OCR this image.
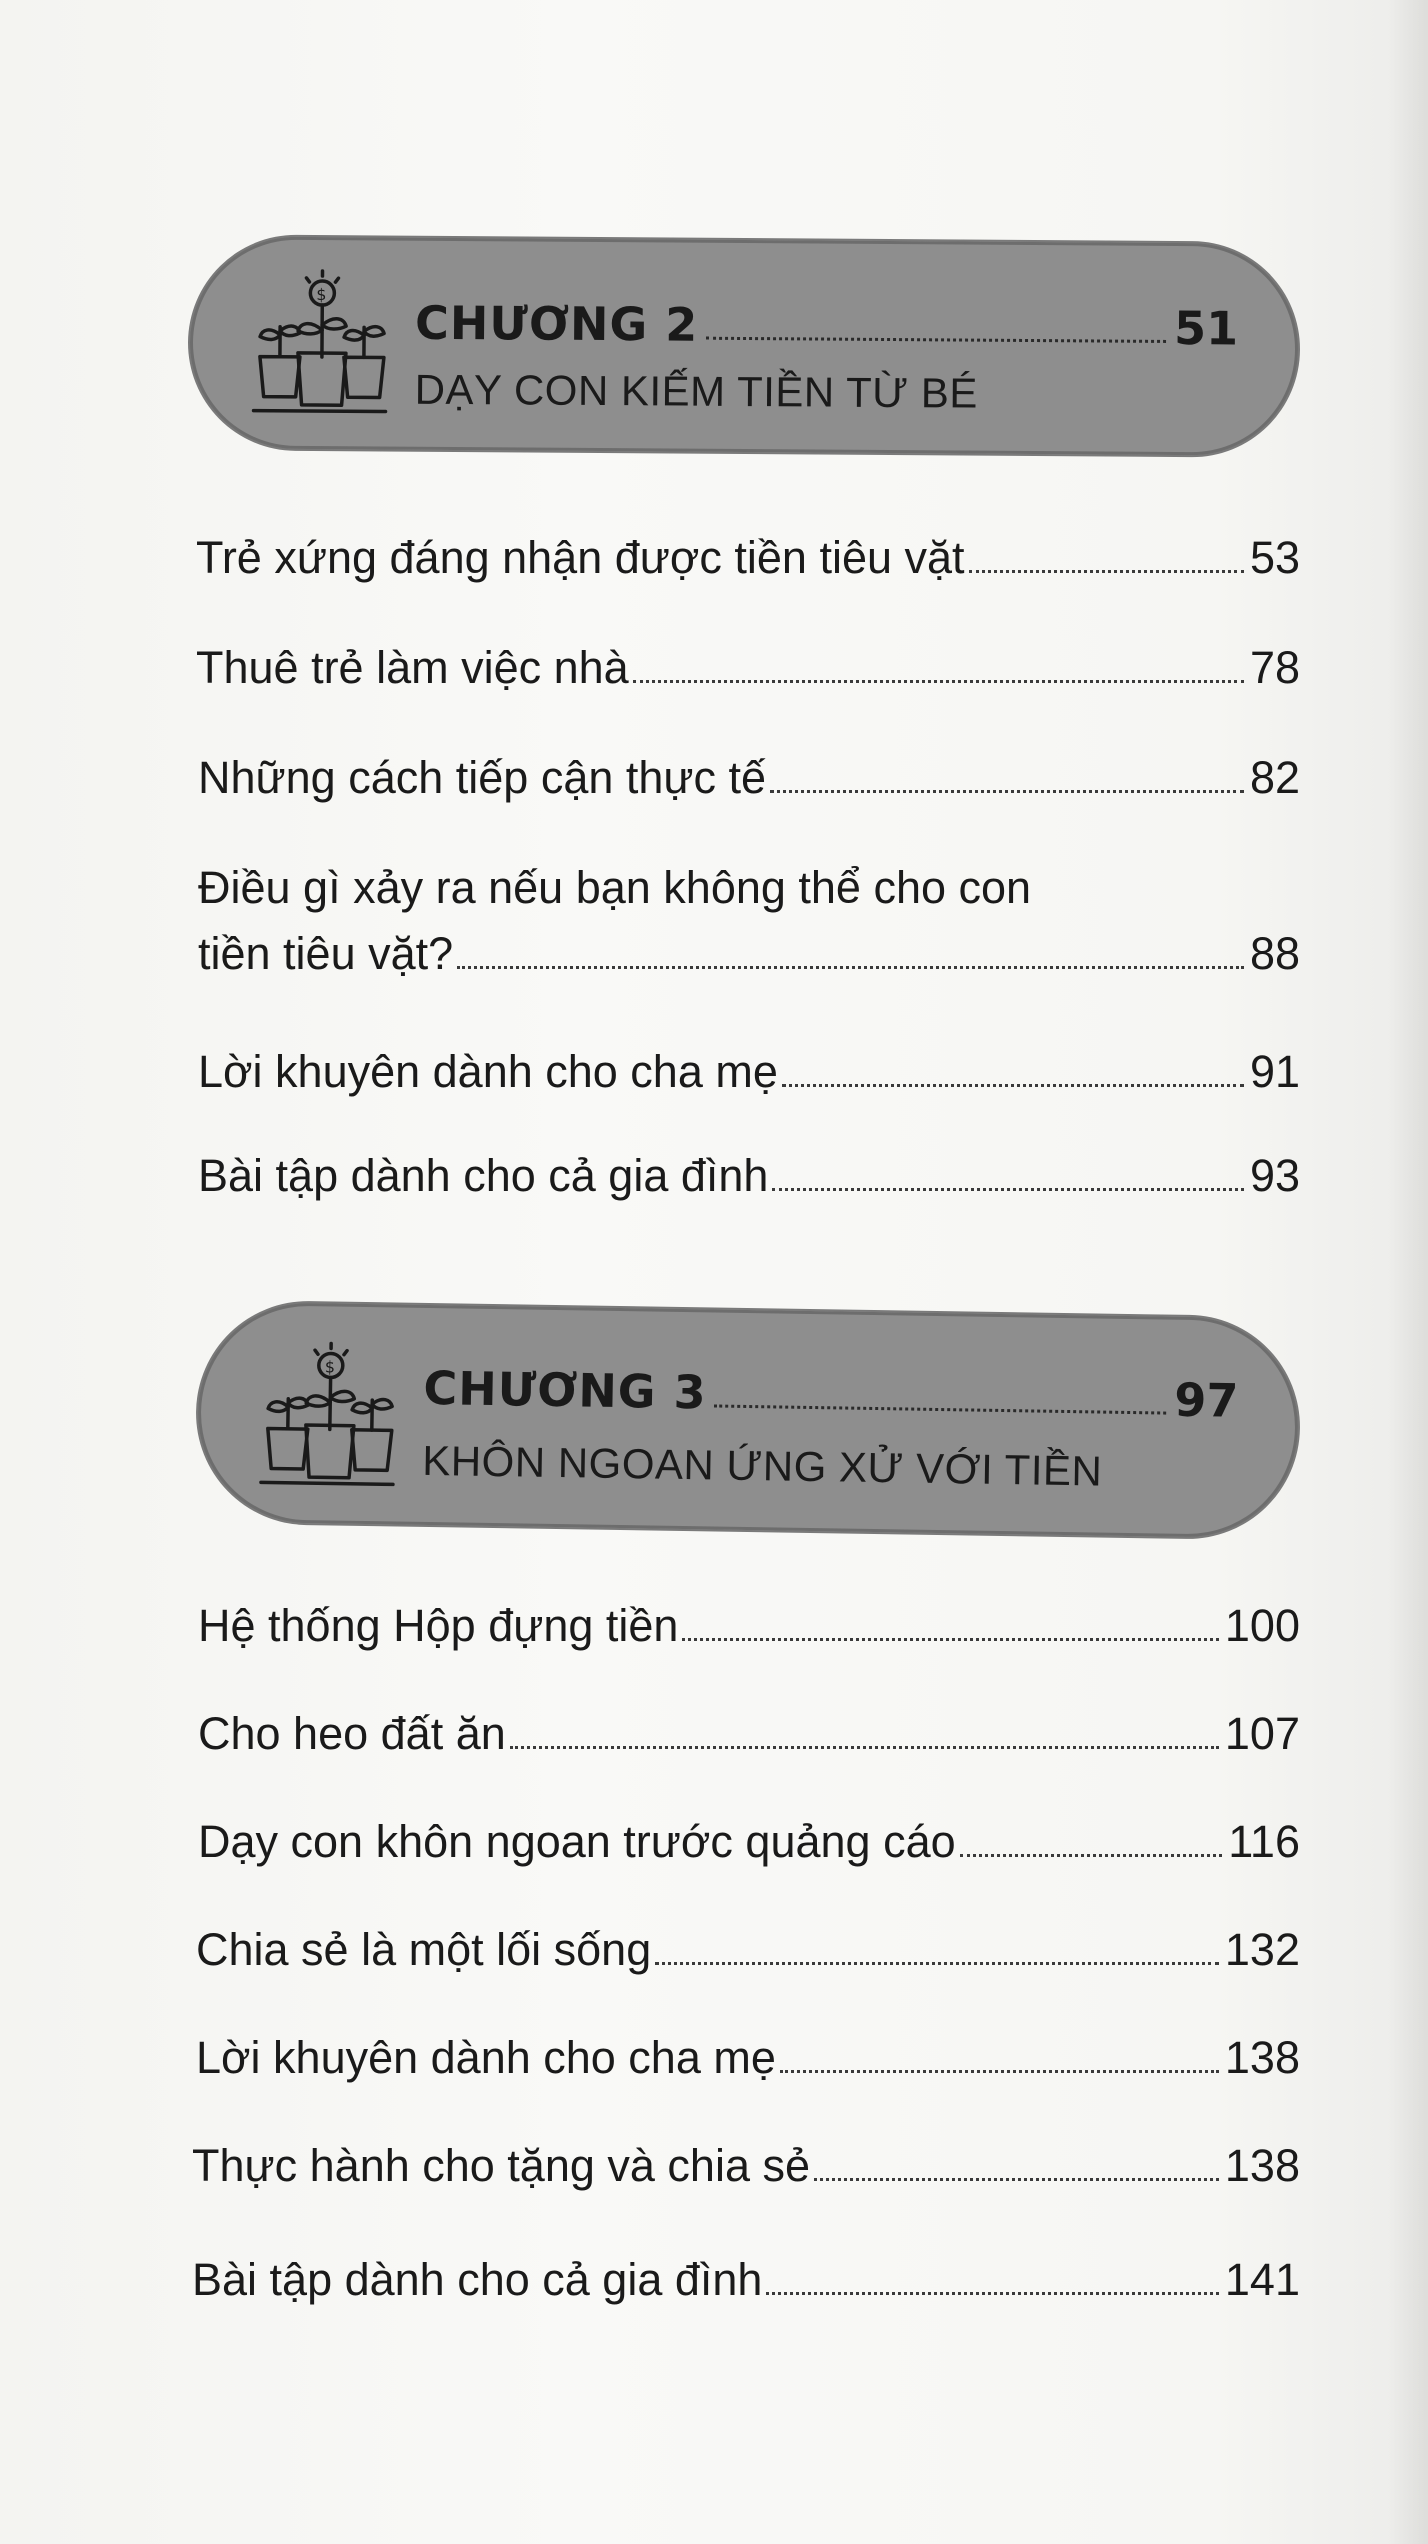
$
CHƯƠNG 2	51
DẠY CON KIẾM TIỀN TỪ BÉ
Trẻ xứng đáng nhận được tiền tiêu vặt	53
Thuê trẻ làm việc nhà	78
Những cách tiếp cận thực tế	82
Điều gì xảy ra nếu bạn không thể cho con
tiền tiêu vặt?	88
Lời khuyên dành cho cha mẹ	91
Bài tập dành cho cả gia đình	93
$ CHƯƠNG 3	97
KHÔN NGOAN ỨNG XỬ VỚI TIỀN
Hệ thống Hộp đựng tiền	100
Cho heo đất ăn	107
Dạy con khôn ngoan trước quảng cáo	116
Chia sẻ là một lối sống	132
Lời khuyên dành cho cha mẹ	138
Thực hành cho tặng và chia sẻ	138
Bài tập dành cho cả gia đình	141
